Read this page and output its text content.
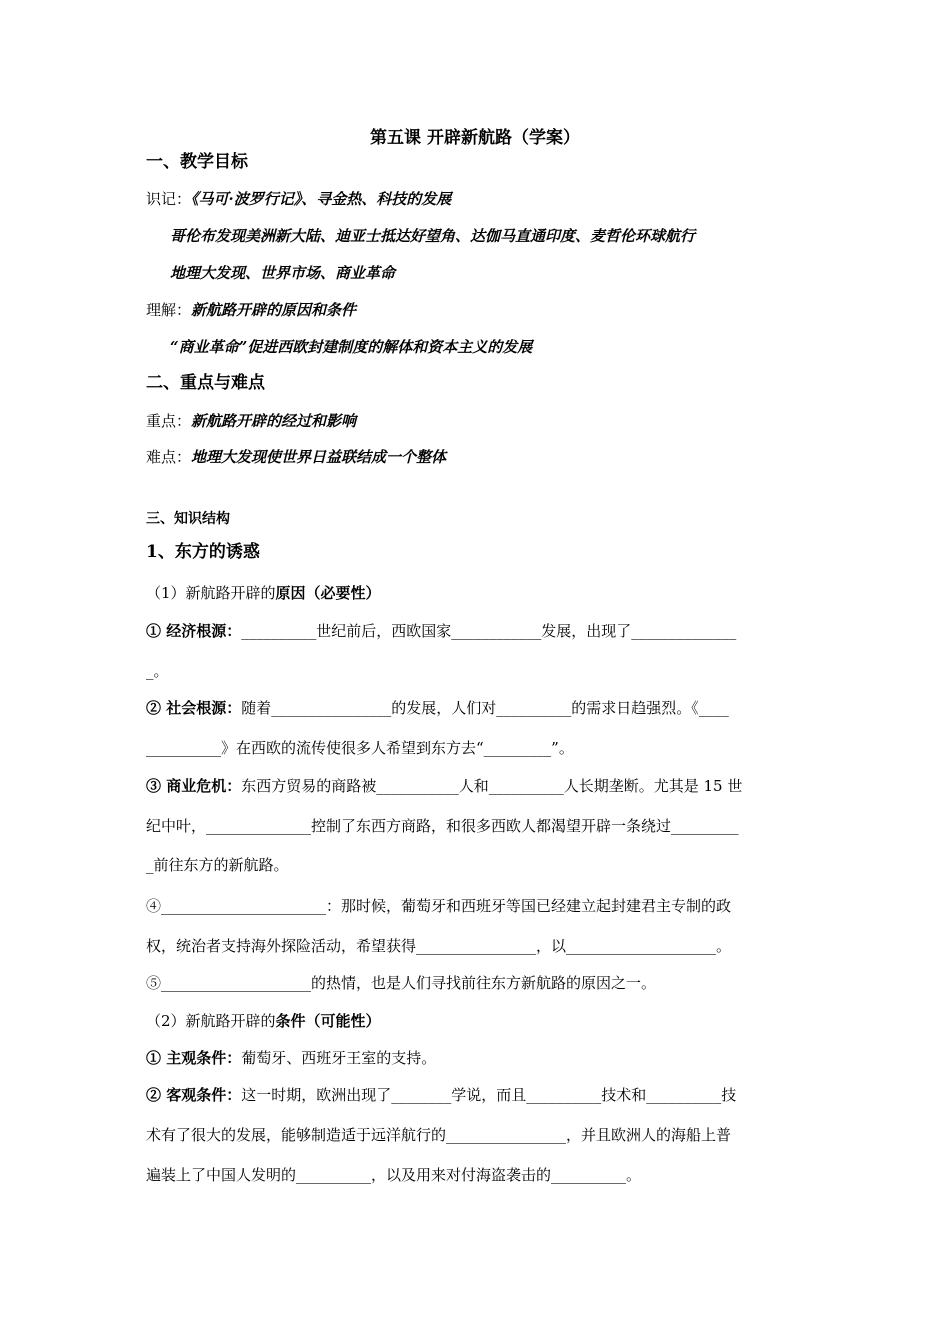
第五课 开辟新航路（学案）
一、教学目标
识记：《马可·波罗行记》、寻金热、科技的发展
哥伦布发现美洲新大陆、迪亚士抵达好望角、达伽马直通印度、麦哲伦环球航行
地理大发现、世界市场、商业革命
理解：新航路开辟的原因和条件
“商业革命”促进西欧封建制度的解体和资本主义的发展
二、重点与难点
重点：新航路开辟的经过和影响
难点：地理大发现使世界日益联结成一个整体
三、知识结构
1、东方的诱惑
（1）新航路开辟的原因（必要性）
① 经济根源：__________世纪前后，西欧国家____________发展，出现了______________
_。
② 社会根源：随着________________的发展，人们对__________的需求日趋强烈。《____
__________》在西欧的流传使很多人希望到东方去“_________”。
③ 商业危机：东西方贸易的商路被___________人和__________人长期垄断。尤其是 15 世
纪中叶，______________控制了东西方商路，和很多西欧人都渴望开辟一条绕过_________
_前往东方的新航路。
④______________________：那时候，葡萄牙和西班牙等国已经建立起封建君主专制的政
权，统治者支持海外探险活动，希望获得________________，以____________________。
⑤____________________的热情，也是人们寻找前往东方新航路的原因之一。
（2）新航路开辟的条件（可能性）
① 主观条件：葡萄牙、西班牙王室的支持。
② 客观条件：这一时期，欧洲出现了________学说，而且__________技术和__________技
术有了很大的发展，能够制造适于远洋航行的________________，并且欧洲人的海船上普
遍装上了中国人发明的__________，以及用来对付海盗袭击的__________。
